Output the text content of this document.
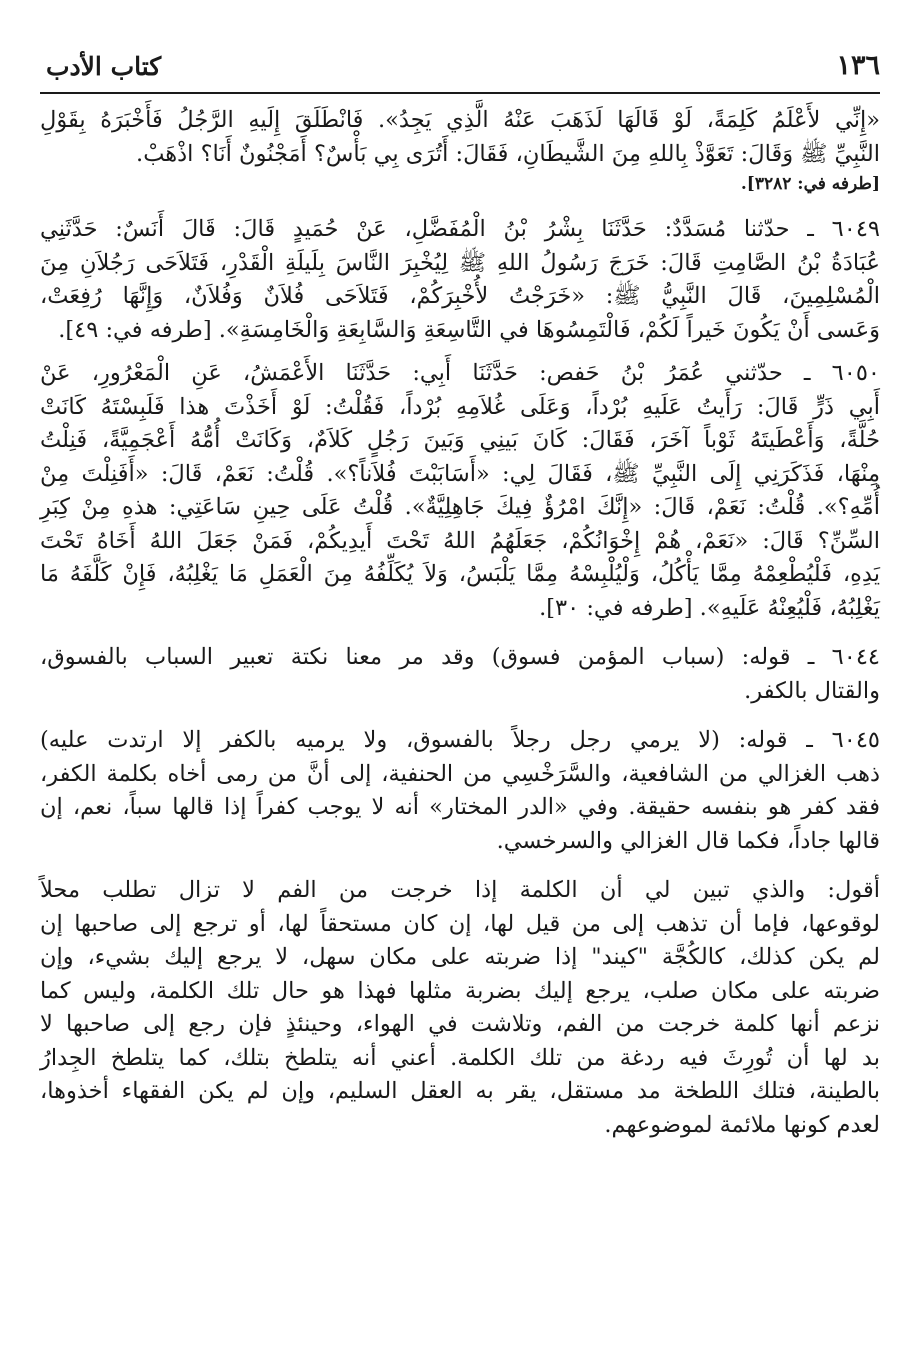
١٣٦
كتاب الأدب
«إِنِّي لأَعْلَمُ كَلِمَةً، لَوْ قَالَهَا لَذَهَبَ عَنْهُ الَّذِي يَجِدُ». فَانْطَلَقَ إِلَيهِ الرَّجُلُ فَأَخْبَرَهُ بِقَوْلِ
النَّبِيِّ ﷺ وَقَالَ: تَعَوَّذْ بِاللهِ مِنَ الشَّيطَانِ، فَقَالَ: أَتُرَى بِي بَأْسٌ؟ أَمَجْنُونٌ أَنَا؟ اذْهَبْ.
[طرفه في: ٣٢٨٢].
٦٠٤٩ ـ حدّثنا مُسَدَّدٌ: حَدَّثَنَا بِشْرُ بْنُ الْمُفَضَّلِ، عَنْ حُمَيدٍ قَالَ: قَالَ أَنَسٌ: حَدَّثَنِي
عُبَادَةُ بْنُ الصَّامِتِ قَالَ: خَرَجَ رَسُولُ اللهِ ﷺ لِيُخْبِرَ النَّاسَ بِلَيلَةِ الْقَدْرِ، فَتَلاَحَى رَجُلاَنِ مِنَ
الْمُسْلِمِينَ، قَالَ النَّبِيُّ ﷺ: «خَرَجْتُ لأُخْبِرَكُمْ، فَتَلاَحَى فُلاَنٌ وَفُلاَنٌ، وَإِنَّهَا رُفِعَتْ،
وَعَسى أَنْ يَكُونَ خَيراً لَكُمْ، فَالْتَمِسُوهَا في التَّاسِعَةِ وَالسَّابِعَةِ وَالْخَامِسَةِ». [طرفه في: ٤٩].
٦٠٥٠ ـ حدّثني عُمَرُ بْنُ حَفص: حَدَّثَنَا أَبِي: حَدَّثَنَا الأَعْمَشُ، عَنِ الْمَعْرُورِ، عَنْ
أَبِي ذَرٍّ قَالَ: رَأَيتُ عَلَيهِ بُرْداً، وَعَلَى غُلاَمِهِ بُرْداً، فَقُلْتُ: لَوْ أَخَذْتَ هذا فَلَبِسْتَهُ كَانَتْ
حُلَّةً، وَأَعْطَيتَهُ ثَوْباً آخَرَ، فَقَالَ: كَانَ بَينِي وَبَينَ رَجُلٍ كَلاَمٌ، وَكَانَتْ أُمُّهُ أَعْجَمِيَّةً، فَنِلْتُ
مِنْهَا، فَذَكَرَنِي إِلَى النَّبِيِّ ﷺ، فَقَالَ لِي: «أَسَابَبْتَ فُلاَناً؟». قُلْتُ: نَعَمْ، قَالَ: «أَفَنِلْتَ مِنْ
أُمِّهِ؟». قُلْتُ: نَعَمْ، قَالَ: «إِنَّكَ امْرُؤٌ فِيكَ جَاهِلِيَّةٌ». قُلْتُ عَلَى حِينِ سَاعَتِي: هذهِ مِنْ كِبَرِ
السِّنِّ؟ قَالَ: «نَعَمْ، هُمْ إِخْوَانُكُمْ، جَعَلَهُمُ اللهُ تَحْتَ أَيدِيكُمْ، فَمَنْ جَعَلَ اللهُ أَخَاهُ تَحْتَ
يَدِهِ، فَلْيُطْعِمْهُ مِمَّا يَأْكُلُ، وَلْيُلْبِسْهُ مِمَّا يَلْبَسُ، وَلاَ يُكَلِّفُهُ مِنَ الْعَمَلِ مَا يَغْلِبُهُ، فَإِنْ كَلَّفَهُ مَا
يَغْلِبُهُ، فَلْيُعِنْهُ عَلَيهِ». [طرفه في: ٣٠].
٦٠٤٤ ـ قوله: (سباب المؤمن فسوق) وقد مر معنا نكتة تعبير السباب بالفسوق،
والقتال بالكفر.
٦٠٤٥ ـ قوله: (لا يرمي رجل رجلاً بالفسوق، ولا يرميه بالكفر إلا ارتدت عليه)
ذهب الغزالي من الشافعية، والسَّرَخْسِي من الحنفية، إلى أنَّ من رمى أخاه بكلمة الكفر،
فقد كفر هو بنفسه حقيقة. وفي «الدر المختار» أنه لا يوجب كفراً إذا قالها سباً، نعم، إن
قالها جاداً، فكما قال الغزالي والسرخسي.
أقول: والذي تبين لي أن الكلمة إذا خرجت من الفم لا تزال تطلب محلاً
لوقوعها، فإما أن تذهب إلى من قيل لها، إن كان مستحقاً لها، أو ترجع إلى صاحبها إن
لم يكن كذلك، كالكُجَّة "كيند" إذا ضربته على مكان سهل، لا يرجع إليك بشيء، وإن
ضربته على مكان صلب، يرجع إليك بضربة مثلها فهذا هو حال تلك الكلمة، وليس كما
نزعم أنها كلمة خرجت من الفم، وتلاشت في الهواء، وحينئذٍ فإن رجع إلى صاحبها لا
بد لها أن تُورِثَ فيه ردغة من تلك الكلمة. أعني أنه يتلطخ بتلك، كما يتلطخ الجِدارُ
بالطينة، فتلك اللطخة مد مستقل، يقر به العقل السليم، وإن لم يكن الفقهاء أخذوها،
لعدم كونها ملائمة لموضوعهم.
